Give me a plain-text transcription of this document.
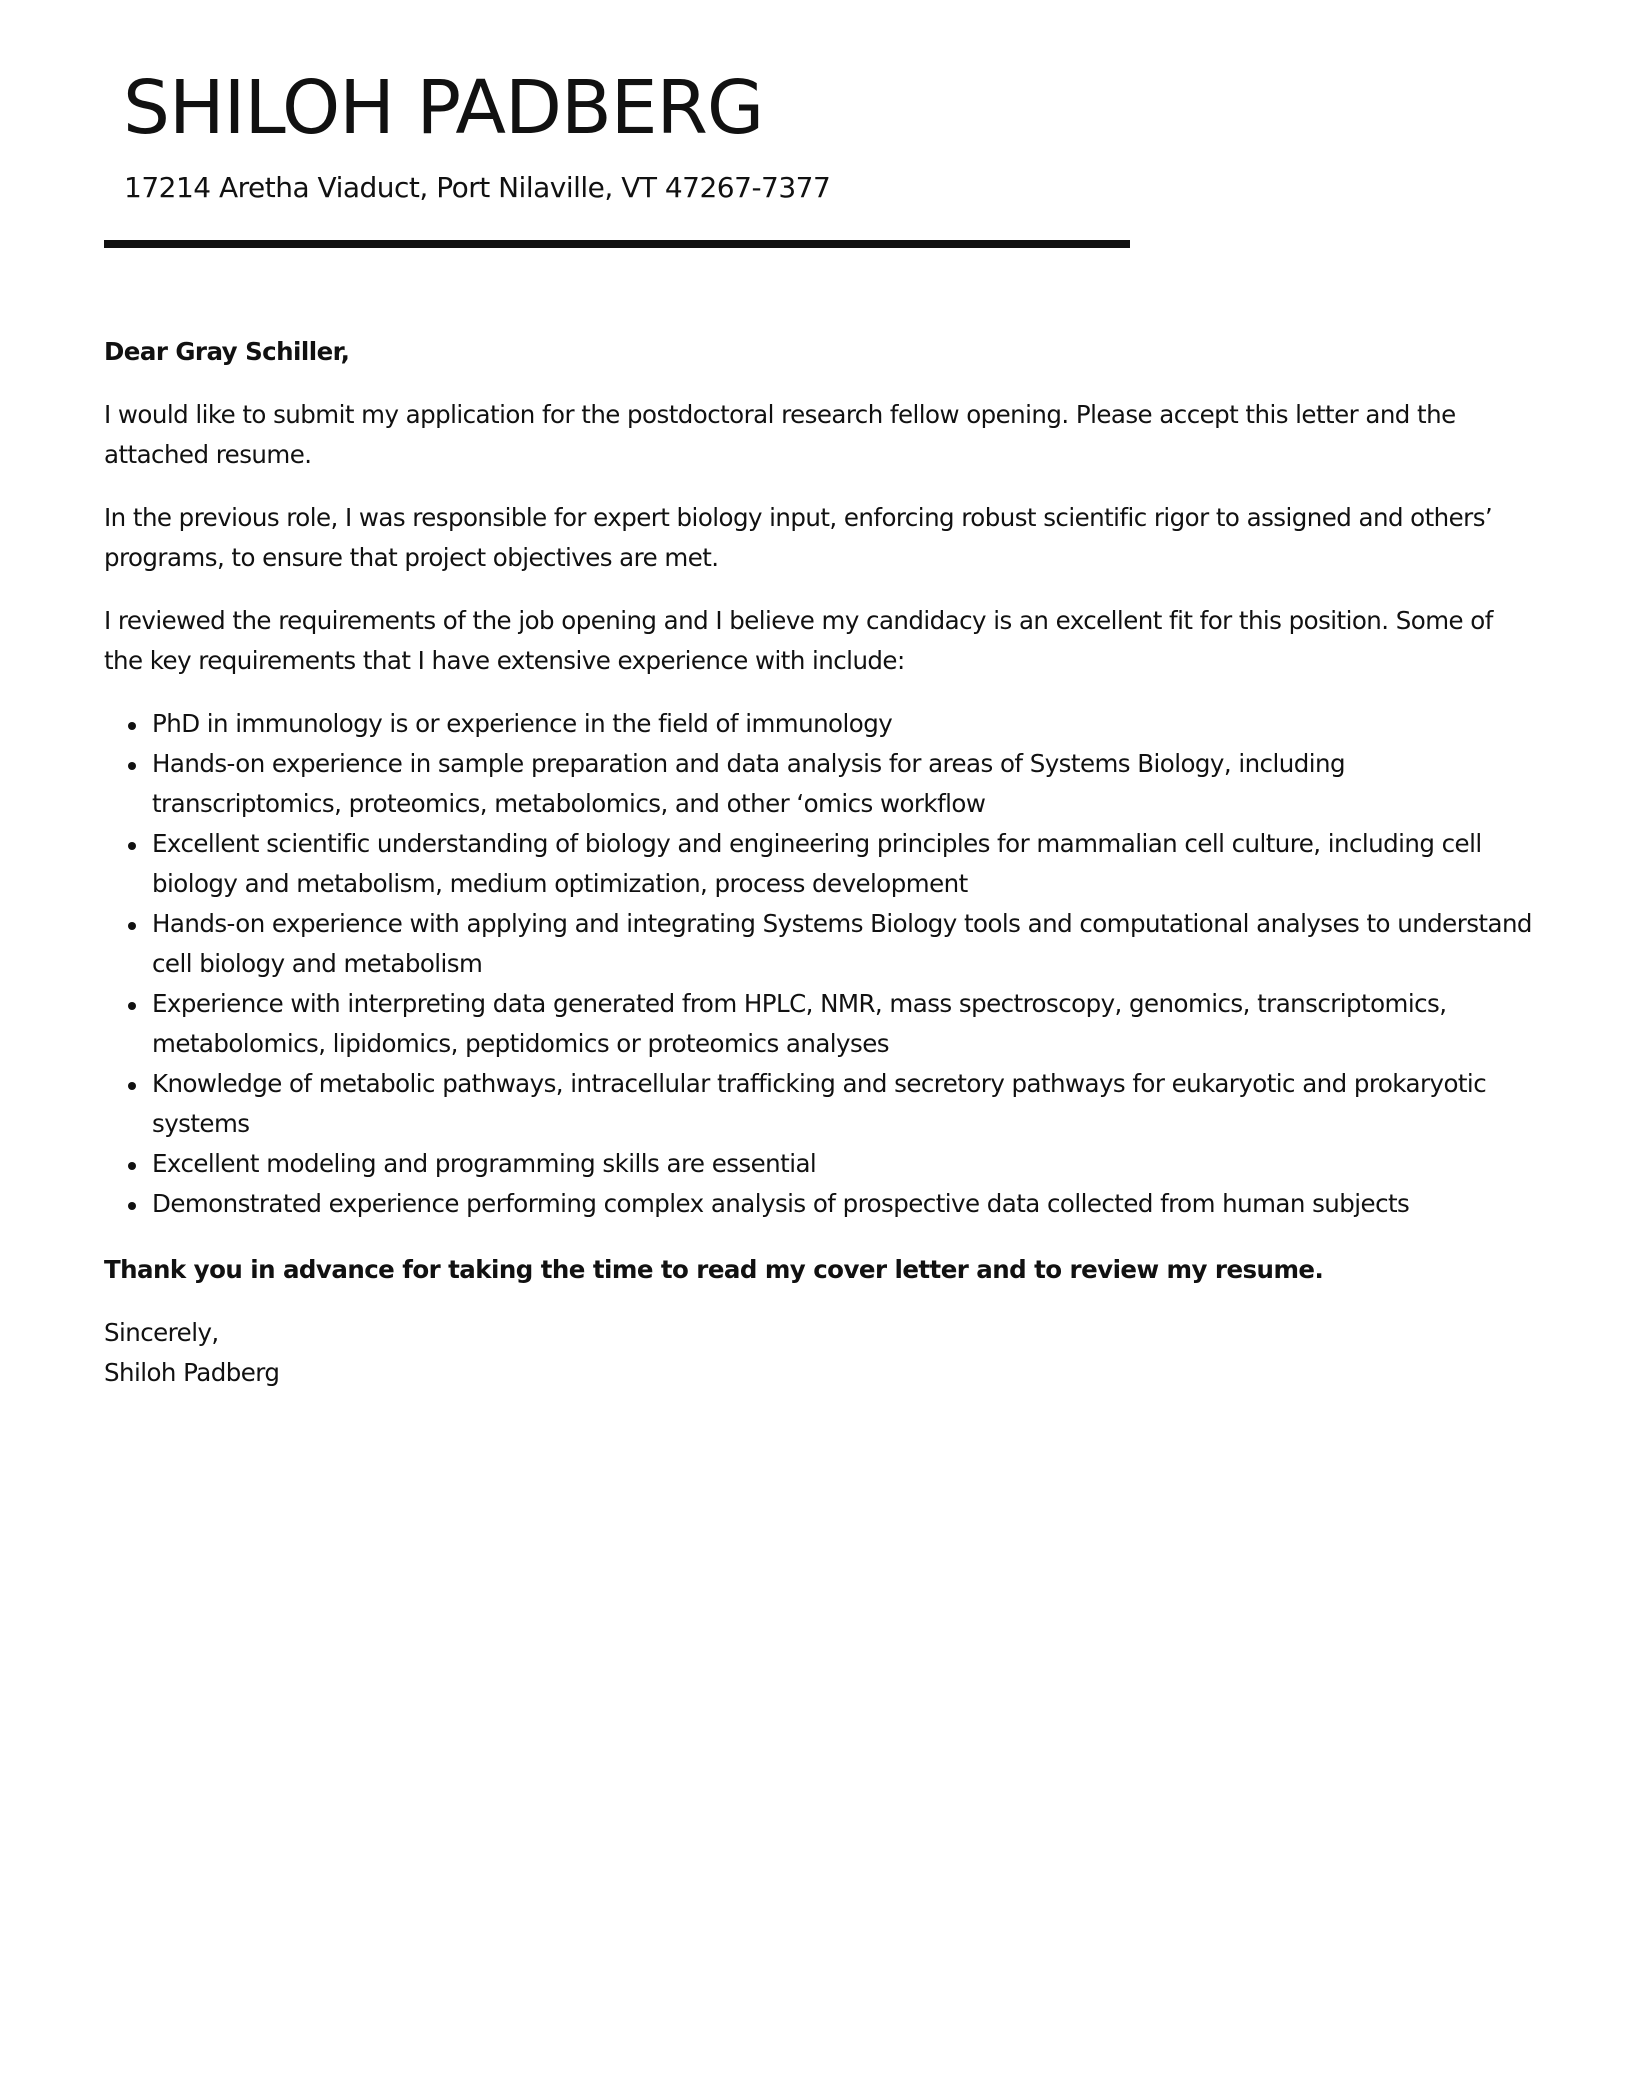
SHILOH PADBERG
17214 Aretha Viaduct, Port Nilaville, VT 47267-7377

Dear Gray Schiller,

I would like to submit my application for the postdoctoral research fellow opening. Please accept this letter and the attached resume.

In the previous role, I was responsible for expert biology input, enforcing robust scientific rigor to assigned and others’ programs, to ensure that project objectives are met.

I reviewed the requirements of the job opening and I believe my candidacy is an excellent fit for this position. Some of the key requirements that I have extensive experience with include:

PhD in immunology is or experience in the field of immunology
Hands-on experience in sample preparation and data analysis for areas of Systems Biology, including transcriptomics, proteomics, metabolomics, and other ‘omics workflow
Excellent scientific understanding of biology and engineering principles for mammalian cell culture, including cell biology and metabolism, medium optimization, process development
Hands-on experience with applying and integrating Systems Biology tools and computational analyses to understand cell biology and metabolism
Experience with interpreting data generated from HPLC, NMR, mass spectroscopy, genomics, transcriptomics, metabolomics, lipidomics, peptidomics or proteomics analyses
Knowledge of metabolic pathways, intracellular trafficking and secretory pathways for eukaryotic and prokaryotic systems
Excellent modeling and programming skills are essential
Demonstrated experience performing complex analysis of prospective data collected from human subjects

Thank you in advance for taking the time to read my cover letter and to review my resume.

Sincerely,

Shiloh Padberg
